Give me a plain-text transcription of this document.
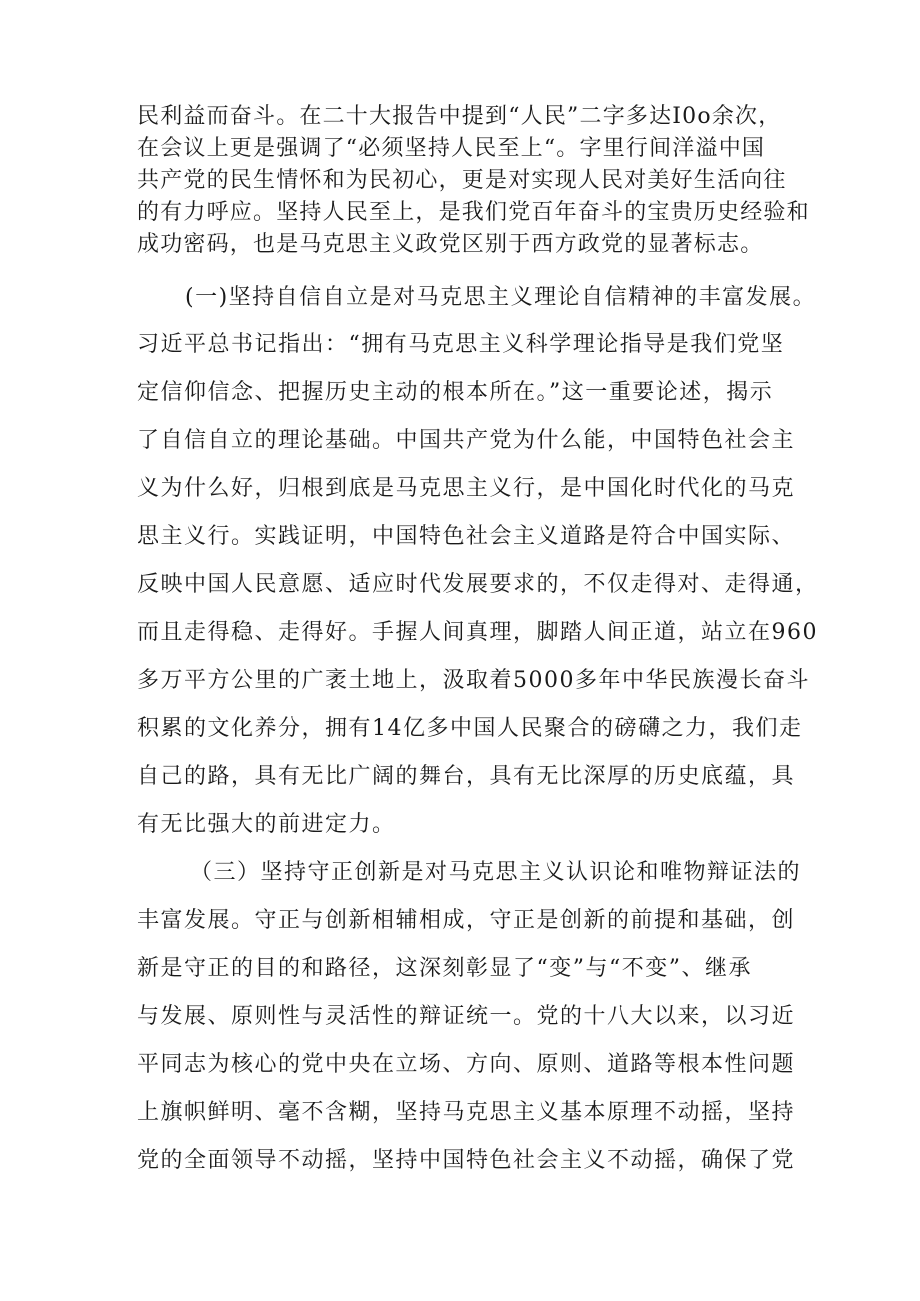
民利益而奋斗。在二十大报告中提到“人民”二字多达I0o余次，
在会议上更是强调了“必须坚持人民至上“。字里行间洋溢中国
共产党的民生情怀和为民初心，更是对实现人民对美好生活向往
的有力呼应。坚持人民至上，是我们党百年奋斗的宝贵历史经验和
成功密码，也是马克思主义政党区别于西方政党的显著标志。
(一)坚持自信自立是对马克思主义理论自信精神的丰富发展。
习近平总书记指出：“拥有马克思主义科学理论指导是我们党坚
定信仰信念、把握历史主动的根本所在。”这一重要论述，揭示
了自信自立的理论基础。中国共产党为什么能，中国特色社会主
义为什么好，归根到底是马克思主义行，是中国化时代化的马克
思主义行。实践证明，中国特色社会主义道路是符合中国实际、
反映中国人民意愿、适应时代发展要求的，不仅走得对、走得通，
而且走得稳、走得好。手握人间真理，脚踏人间正道，站立在960
多万平方公里的广袤土地上，汲取着5000多年中华民族漫长奋斗
积累的文化养分，拥有14亿多中国人民聚合的磅礴之力，我们走
自己的路，具有无比广阔的舞台，具有无比深厚的历史底蕴，具
有无比强大的前进定力。
（三）坚持守正创新是对马克思主义认识论和唯物辩证法的
丰富发展。守正与创新相辅相成，守正是创新的前提和基础，创
新是守正的目的和路径，这深刻彰显了“变”与“不变”、继承
与发展、原则性与灵活性的辩证统一。党的十八大以来，以习近
平同志为核心的党中央在立场、方向、原则、道路等根本性问题
上旗帜鲜明、毫不含糊，坚持马克思主义基本原理不动摇，坚持
党的全面领导不动摇，坚持中国特色社会主义不动摇，确保了党
